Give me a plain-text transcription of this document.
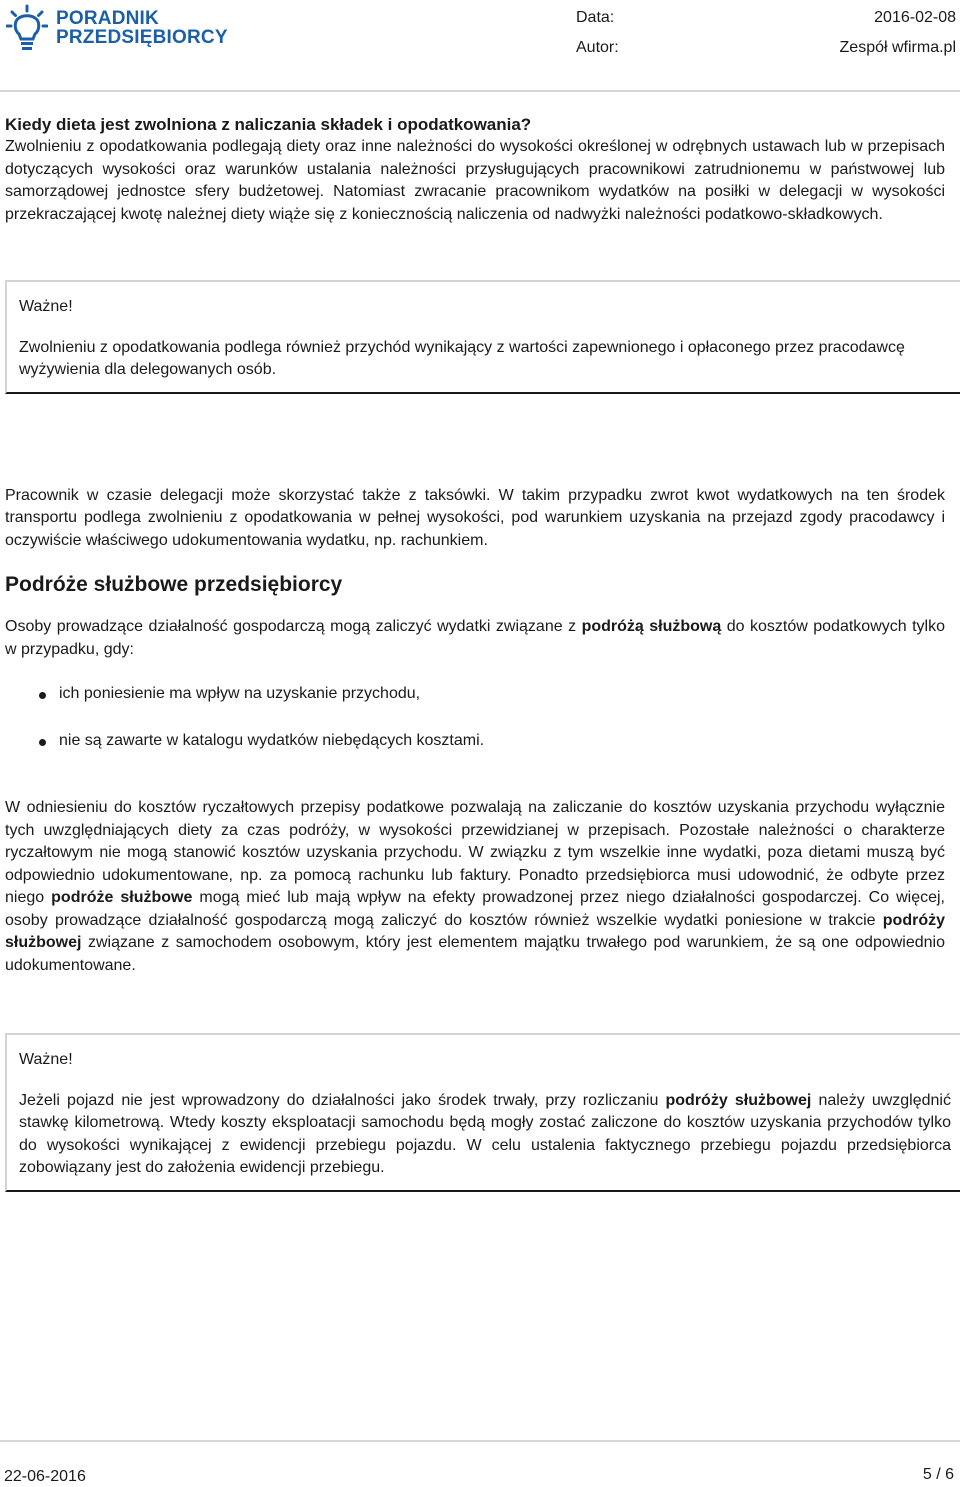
PORADNIK
PRZEDSIĘBIORCY
Data:	2016-02-08
Autor:	Zespół wfirma.pl

Kiedy dieta jest zwolniona z naliczania składek i opodatkowania?

Zwolnieniu z opodatkowania podlegają diety oraz inne należności do wysokości określonej w odrębnych ustawach lub w przepisach dotyczących wysokości oraz warunków ustalania należności przysługujących pracownikowi zatrudnionemu w państwowej lub samorządowej jednostce sfery budżetowej. Natomiast zwracanie pracownikom wydatków na posiłki w delegacji w wysokości przekraczającej kwotę należnej diety wiąże się z koniecznością naliczenia od nadwyżki należności podatkowo-składkowych.

Ważne!

Zwolnieniu z opodatkowania podlega również przychód wynikający z wartości zapewnionego i opłaconego przez pracodawcę wyżywienia dla delegowanych osób.

Pracownik w czasie delegacji może skorzystać także z taksówki. W takim przypadku zwrot kwot wydatkowych na ten środek transportu podlega zwolnieniu z opodatkowania w pełnej wysokości, pod warunkiem uzyskania na przejazd zgody pracodawcy i oczywiście właściwego udokumentowania wydatku, np. rachunkiem.

Podróże służbowe przedsiębiorcy

Osoby prowadzące działalność gospodarczą mogą zaliczyć wydatki związane z podróżą służbową do kosztów podatkowych tylko w przypadku, gdy:

ich poniesienie ma wpływ na uzyskanie przychodu,
nie są zawarte w katalogu wydatków niebędących kosztami.

W odniesieniu do kosztów ryczałtowych przepisy podatkowe pozwalają na zaliczanie do kosztów uzyskania przychodu wyłącznie tych uwzględniających diety za czas podróży, w wysokości przewidzianej w przepisach. Pozostałe należności o charakterze ryczałtowym nie mogą stanowić kosztów uzyskania przychodu. W związku z tym wszelkie inne wydatki, poza dietami muszą być odpowiednio udokumentowane, np. za pomocą rachunku lub faktury. Ponadto przedsiębiorca musi udowodnić, że odbyte przez niego podróże służbowe mogą mieć lub mają wpływ na efekty prowadzonej przez niego działalności gospodarczej. Co więcej, osoby prowadzące działalność gospodarczą mogą zaliczyć do kosztów również wszelkie wydatki poniesione w trakcie podróży służbowej związane z samochodem osobowym, który jest elementem majątku trwałego pod warunkiem, że są one odpowiednio udokumentowane.

Ważne!

Jeżeli pojazd nie jest wprowadzony do działalności jako środek trwały, przy rozliczaniu podróży służbowej należy uwzględnić stawkę kilometrową. Wtedy koszty eksploatacji samochodu będą mogły zostać zaliczone do kosztów uzyskania przychodów tylko do wysokości wynikającej z ewidencji przebiegu pojazdu. W celu ustalenia faktycznego przebiegu pojazdu przedsiębiorca zobowiązany jest do założenia ewidencji przebiegu.

22-06-2016	5 / 6
